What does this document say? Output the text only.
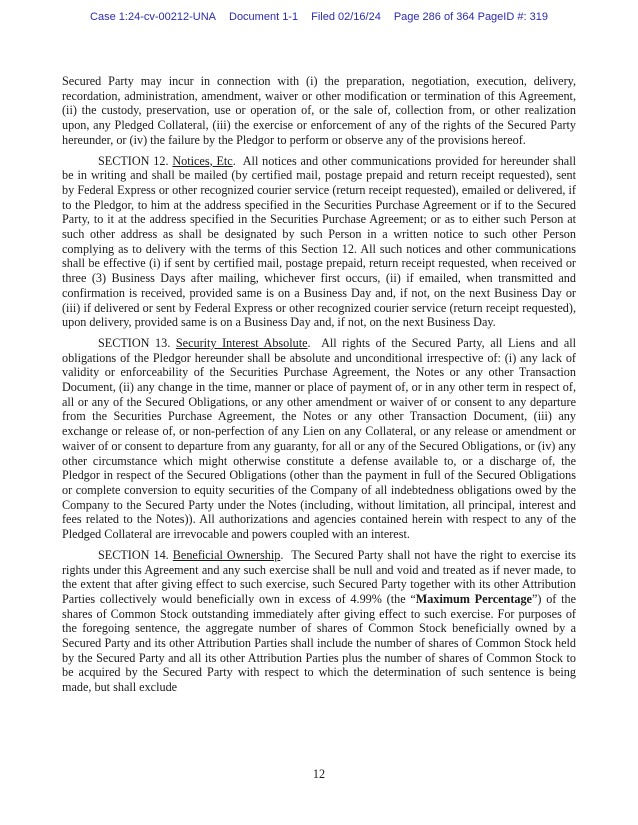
Case 1:24-cv-00212-UNA Document 1-1 Filed 02/16/24 Page 286 of 364 PageID #: 319

Secured Party may incur in connection with (i) the preparation, negotiation, execution, delivery, recordation, administration, amendment, waiver or other modification or termination of this Agreement, (ii) the custody, preservation, use or operation of, or the sale of, collection from, or other realization upon, any Pledged Collateral, (iii) the exercise or enforcement of any of the rights of the Secured Party hereunder, or (iv) the failure by the Pledgor to perform or observe any of the provisions hereof.

SECTION 12. Notices, Etc.  All notices and other communications provided for hereunder shall be in writing and shall be mailed (by certified mail, postage prepaid and return receipt requested), sent by Federal Express or other recognized courier service (return receipt requested), emailed or delivered, if to the Pledgor, to him at the address specified in the Securities Purchase Agreement or if to the Secured Party, to it at the address specified in the Securities Purchase Agreement; or as to either such Person at such other address as shall be designated by such Person in a written notice to such other Person complying as to delivery with the terms of this Section 12. All such notices and other communications shall be effective (i) if sent by certified mail, postage prepaid, return receipt requested, when received or three (3) Business Days after mailing, whichever first occurs, (ii) if emailed, when transmitted and confirmation is received, provided same is on a Business Day and, if not, on the next Business Day or (iii) if delivered or sent by Federal Express or other recognized courier service (return receipt requested), upon delivery, provided same is on a Business Day and, if not, on the next Business Day.

SECTION 13. Security Interest Absolute.  All rights of the Secured Party, all Liens and all obligations of the Pledgor hereunder shall be absolute and unconditional irrespective of: (i) any lack of validity or enforceability of the Securities Purchase Agreement, the Notes or any other Transaction Document, (ii) any change in the time, manner or place of payment of, or in any other term in respect of, all or any of the Secured Obligations, or any other amendment or waiver of or consent to any departure from the Securities Purchase Agreement, the Notes or any other Transaction Document, (iii) any exchange or release of, or non-perfection of any Lien on any Collateral, or any release or amendment or waiver of or consent to departure from any guaranty, for all or any of the Secured Obligations, or (iv) any other circumstance which might otherwise constitute a defense available to, or a discharge of, the Pledgor in respect of the Secured Obligations (other than the payment in full of the Secured Obligations or complete conversion to equity securities of the Company of all indebtedness obligations owed by the Company to the Secured Party under the Notes (including, without limitation, all principal, interest and fees related to the Notes)). All authorizations and agencies contained herein with respect to any of the Pledged Collateral are irrevocable and powers coupled with an interest.

SECTION 14. Beneficial Ownership.  The Secured Party shall not have the right to exercise its rights under this Agreement and any such exercise shall be null and void and treated as if never made, to the extent that after giving effect to such exercise, such Secured Party together with its other Attribution Parties collectively would beneficially own in excess of 4.99% (the “Maximum Percentage”) of the shares of Common Stock outstanding immediately after giving effect to such exercise. For purposes of the foregoing sentence, the aggregate number of shares of Common Stock beneficially owned by a Secured Party and its other Attribution Parties shall include the number of shares of Common Stock held by the Secured Party and all its other Attribution Parties plus the number of shares of Common Stock to be acquired by the Secured Party with respect to which the determination of such sentence is being made, but shall exclude

12
